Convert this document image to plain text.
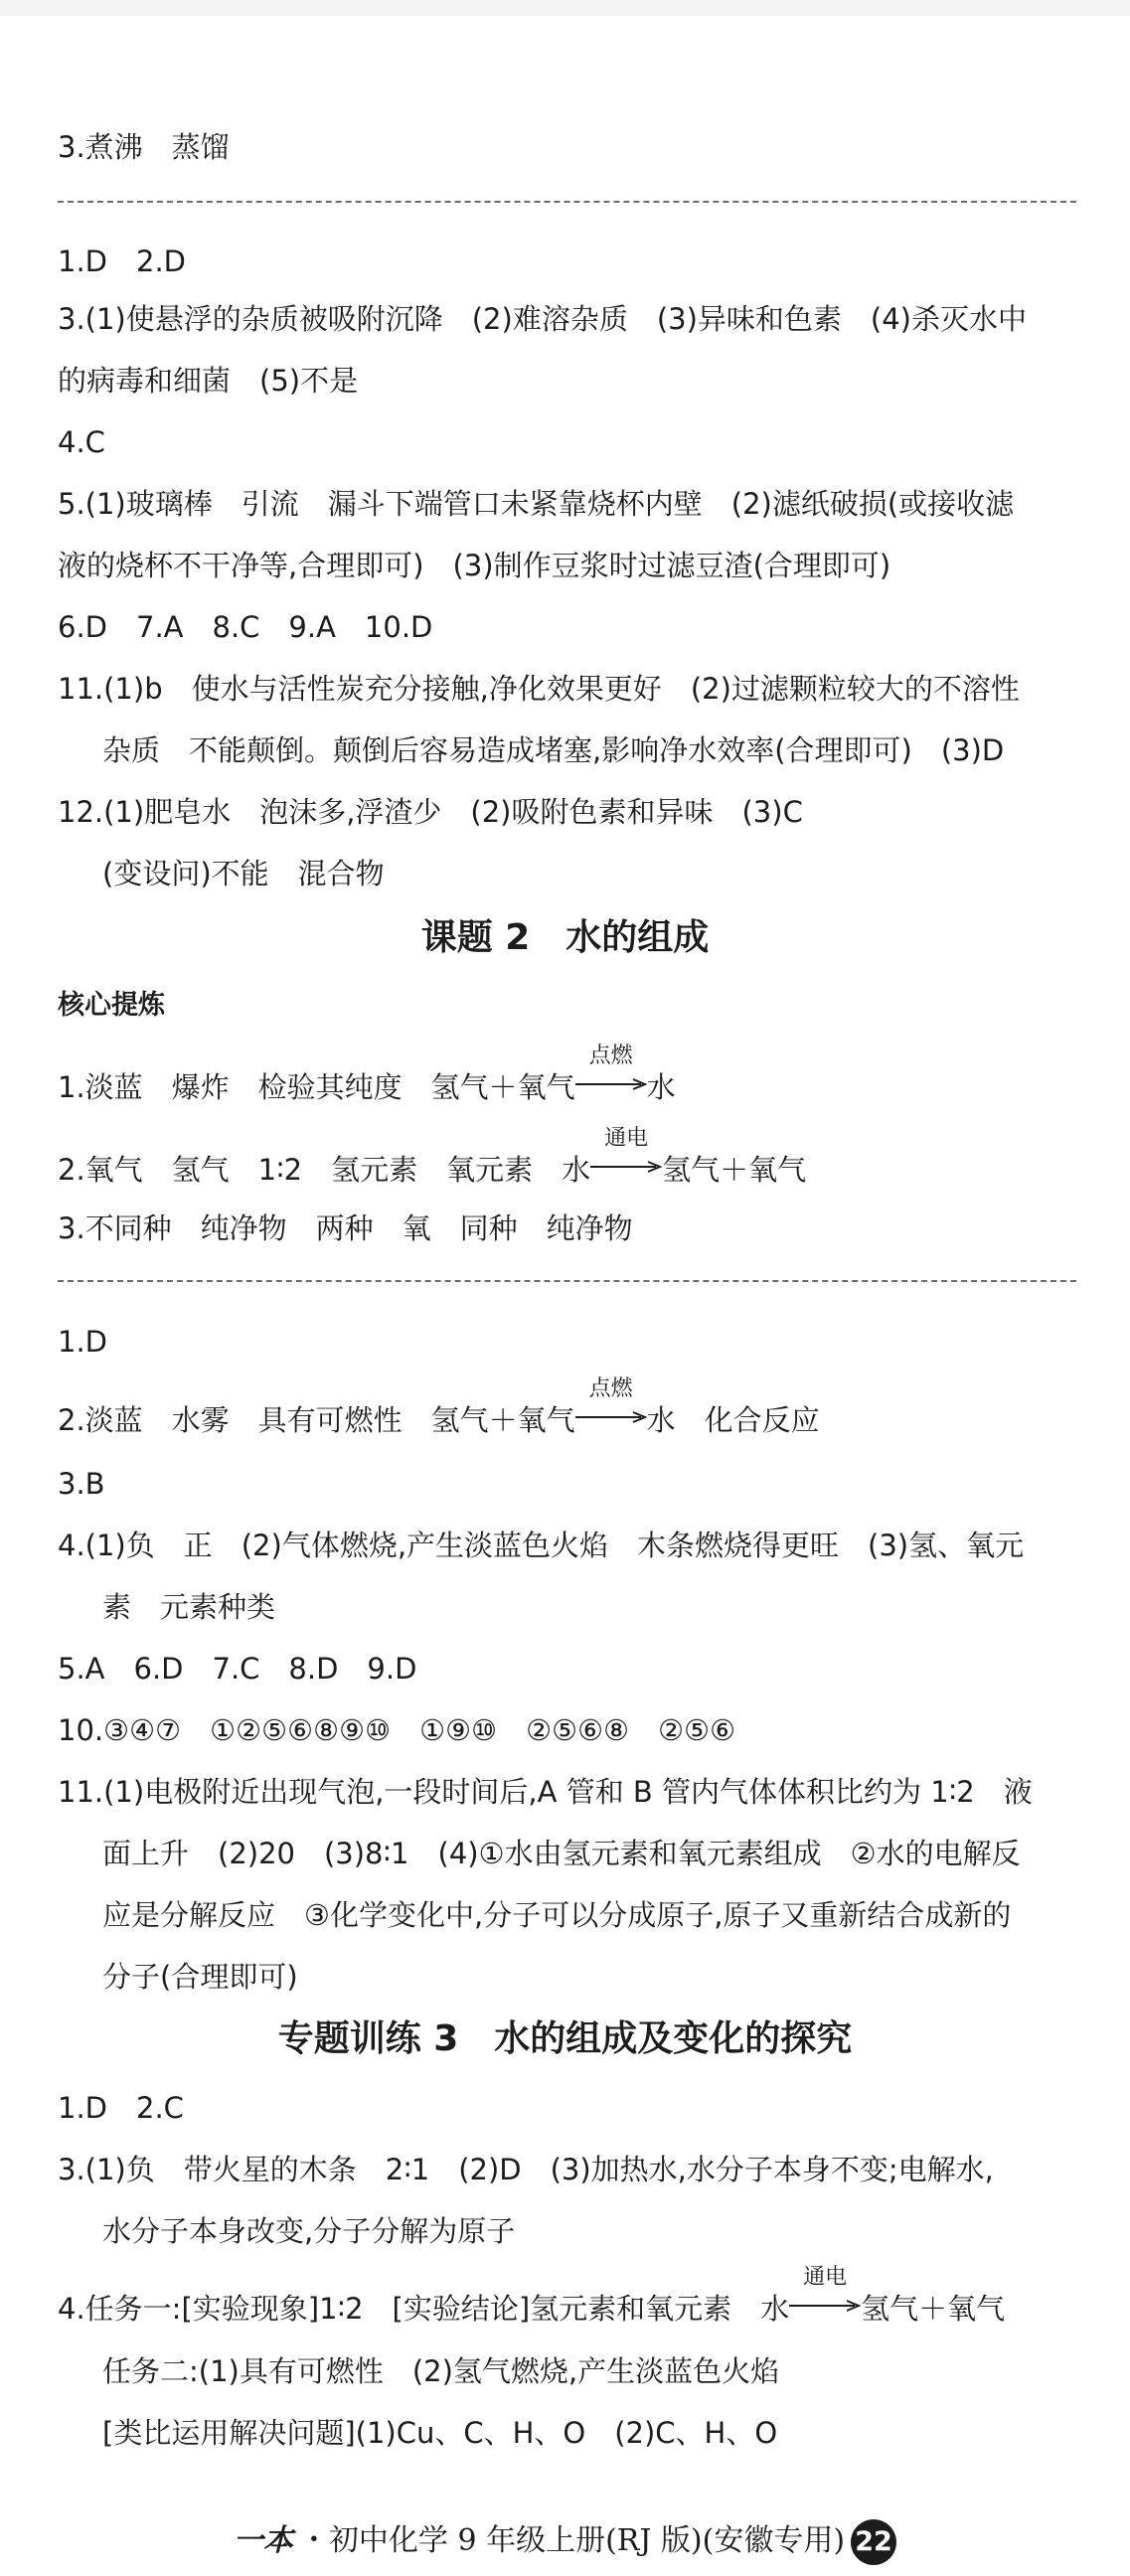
3.煮沸　蒸馏
1.D　2.D
3.(1)使悬浮的杂质被吸附沉降　(2)难溶杂质　(3)异味和色素　(4)杀灭水中
的病毒和细菌　(5)不是
4.C
5.(1)玻璃棒　引流　漏斗下端管口未紧靠烧杯内壁　(2)滤纸破损(或接收滤
液的烧杯不干净等,合理即可)　(3)制作豆浆时过滤豆渣(合理即可)
6.D　7.A　8.C　9.A　10.D
11.(1)b　使水与活性炭充分接触,净化效果更好　(2)过滤颗粒较大的不溶性
杂质　不能颠倒。颠倒后容易造成堵塞,影响净水效率(合理即可)　(3)D
12.(1)肥皂水　泡沫多,浮渣少　(2)吸附色素和异味　(3)C
(变设问)不能　混合物
课题 2　水的组成
核心提炼
1.淡蓝　爆炸　检验其纯度　氢气＋氧气
点燃
水
2.氧气　氢气　1∶2　氢元素　氧元素　水
通电
氢气＋氧气
3.不同种　纯净物　两种　氧　同种　纯净物
1.D
2.淡蓝　水雾　具有可燃性　氢气＋氧气
点燃
水　化合反应
3.B
4.(1)负　正　(2)气体燃烧,产生淡蓝色火焰　木条燃烧得更旺　(3)氢、氧元
素　元素种类
5.A　6.D　7.C　8.D　9.D
10.③④⑦　①②⑤⑥⑧⑨⑩　①⑨⑩　②⑤⑥⑧　②⑤⑥
11.(1)电极附近出现气泡,一段时间后,A 管和 B 管内气体体积比约为 1∶2　液
面上升　(2)20　(3)8∶1　(4)①水由氢元素和氧元素组成　②水的电解反
应是分解反应　③化学变化中,分子可以分成原子,原子又重新结合成新的
分子(合理即可)
专题训练 3　水的组成及变化的探究
1.D　2.C
3.(1)负　带火星的木条　2∶1　(2)D　(3)加热水,水分子本身不变;电解水,
水分子本身改变,分子分解为原子
4.任务一:[实验现象]1∶2　[实验结论]氢元素和氧元素　水
通电
氢气＋氧气
任务二:(1)具有可燃性　(2)氢气燃烧,产生淡蓝色火焰
[类比运用解决问题](1)Cu、C、H、O　(2)C、H、O
一本 ・初中化学 9 年级上册(RJ 版)(安徽专用) 22
